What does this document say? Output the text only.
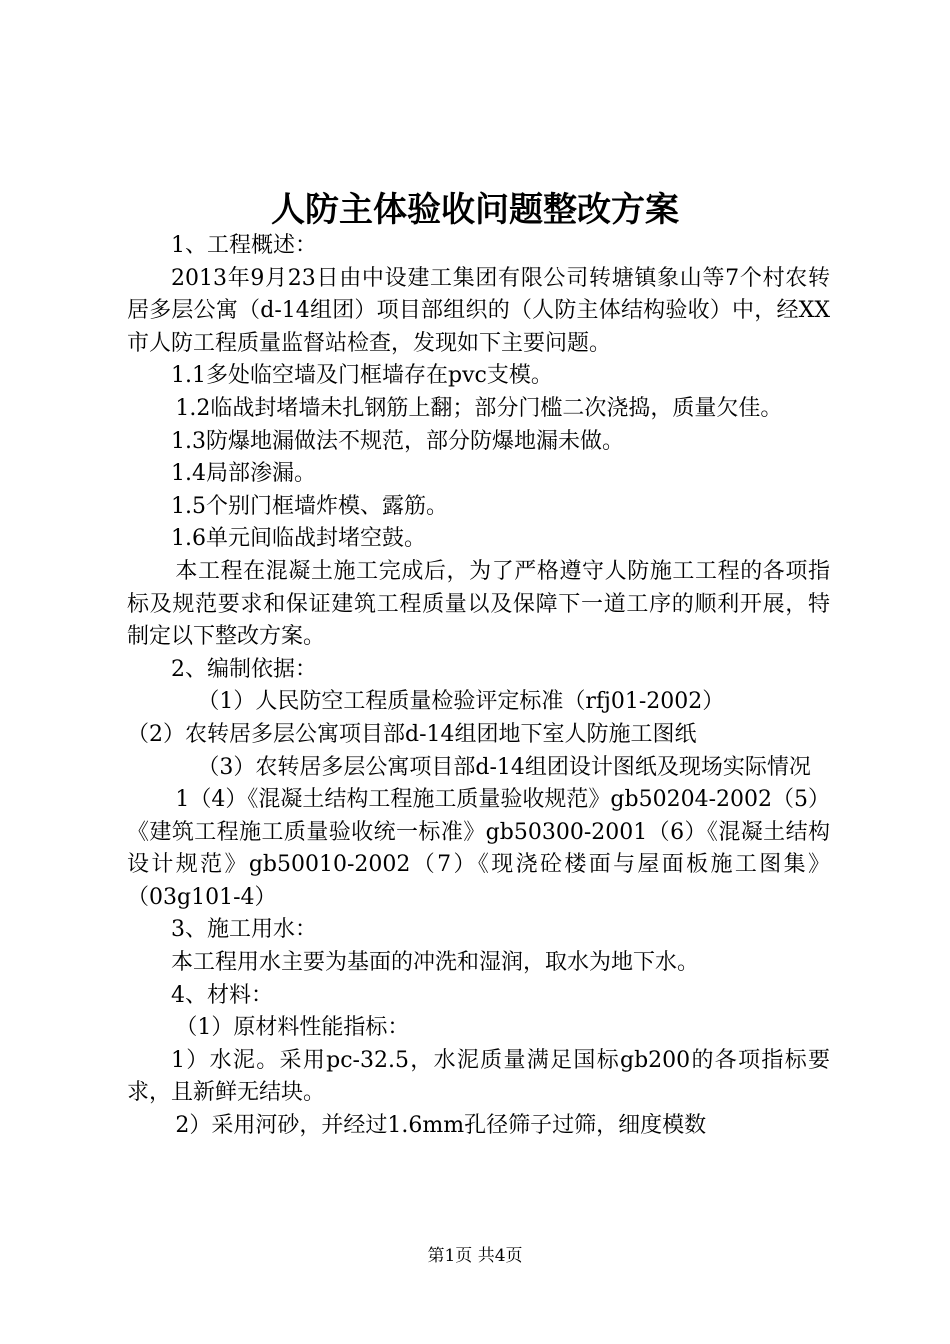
人防主体验收问题整改方案

1、工程概述：

2013年9月23日由中设建工集团有限公司转塘镇象山等7个村农转居多层公寓（d-14组团）项目部组织的（人防主体结构验收）中，经XX市人防工程质量监督站检查，发现如下主要问题。

1.1多处临空墙及门框墙存在pvc支模。

1.2临战封堵墙未扎钢筋上翻；部分门槛二次浇捣，质量欠佳。

1.3防爆地漏做法不规范，部分防爆地漏未做。

1.4局部渗漏。

1.5个别门框墙炸模、露筋。

1.6单元间临战封堵空鼓。

本工程在混凝土施工完成后，为了严格遵守人防施工工程的各项指标及规范要求和保证建筑工程质量以及保障下一道工序的顺利开展，特制定以下整改方案。

2、编制依据：

（1）人民防空工程质量检验评定标准（rfj01-2002）

（2）农转居多层公寓项目部d-14组团地下室人防施工图纸

（3）农转居多层公寓项目部d-14组团设计图纸及现场实际情况

1（4）《混凝土结构工程施工质量验收规范》gb50204-2002（5）《建筑工程施工质量验收统一标准》gb50300-2001（6）《混凝土结构设计规范》gb50010-2002（7）《现浇砼楼面与屋面板施工图集》（03g101-4）

3、施工用水：

本工程用水主要为基面的冲洗和湿润，取水为地下水。

4、材料：

（1）原材料性能指标：

1）水泥。采用pc-32.5，水泥质量满足国标gb200的各项指标要求，且新鲜无结块。

2）采用河砂，并经过1.6mm孔径筛子过筛，细度模数

第1页 共4页
